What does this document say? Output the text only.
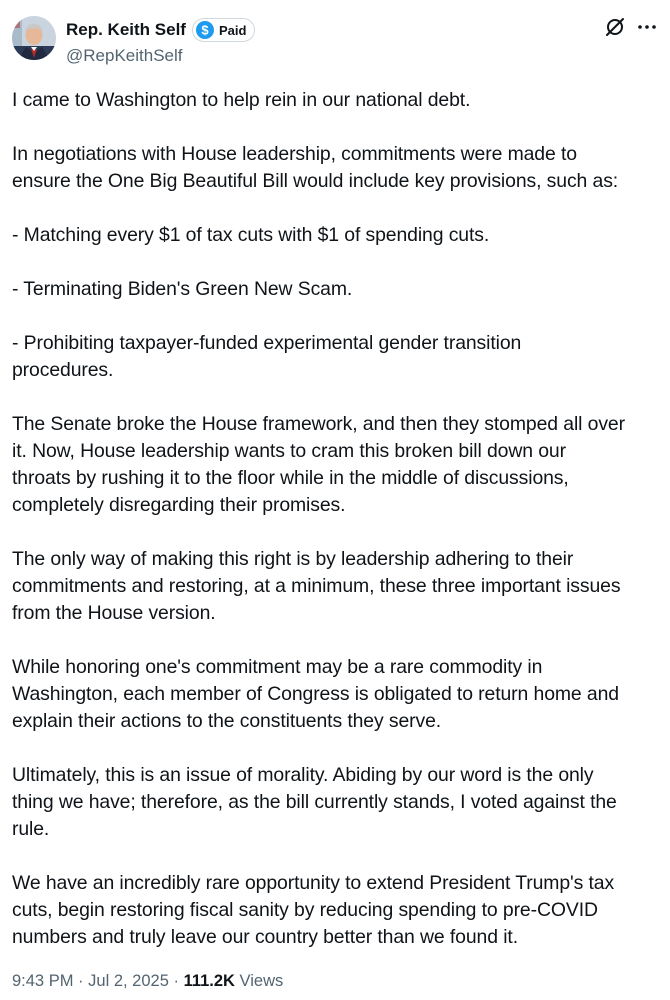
Rep. Keith Self $ Paid
@RepKeithSelf

I came to Washington to help rein in our national debt.

In negotiations with House leadership, commitments were made to
ensure the One Big Beautiful Bill would include key provisions, such as:

- Matching every $1 of tax cuts with $1 of spending cuts.

- Terminating Biden's Green New Scam.

- Prohibiting taxpayer-funded experimental gender transition
procedures.

The Senate broke the House framework, and then they stomped all over
it. Now, House leadership wants to cram this broken bill down our
throats by rushing it to the floor while in the middle of discussions,
completely disregarding their promises.

The only way of making this right is by leadership adhering to their
commitments and restoring, at a minimum, these three important issues
from the House version.

While honoring one's commitment may be a rare commodity in
Washington, each member of Congress is obligated to return home and
explain their actions to the constituents they serve.

Ultimately, this is an issue of morality. Abiding by our word is the only
thing we have; therefore, as the bill currently stands, I voted against the
rule.

We have an incredibly rare opportunity to extend President Trump's tax
cuts, begin restoring fiscal sanity by reducing spending to pre-COVID
numbers and truly leave our country better than we found it.

9:43 PM · Jul 2, 2025 · 111.2K Views
